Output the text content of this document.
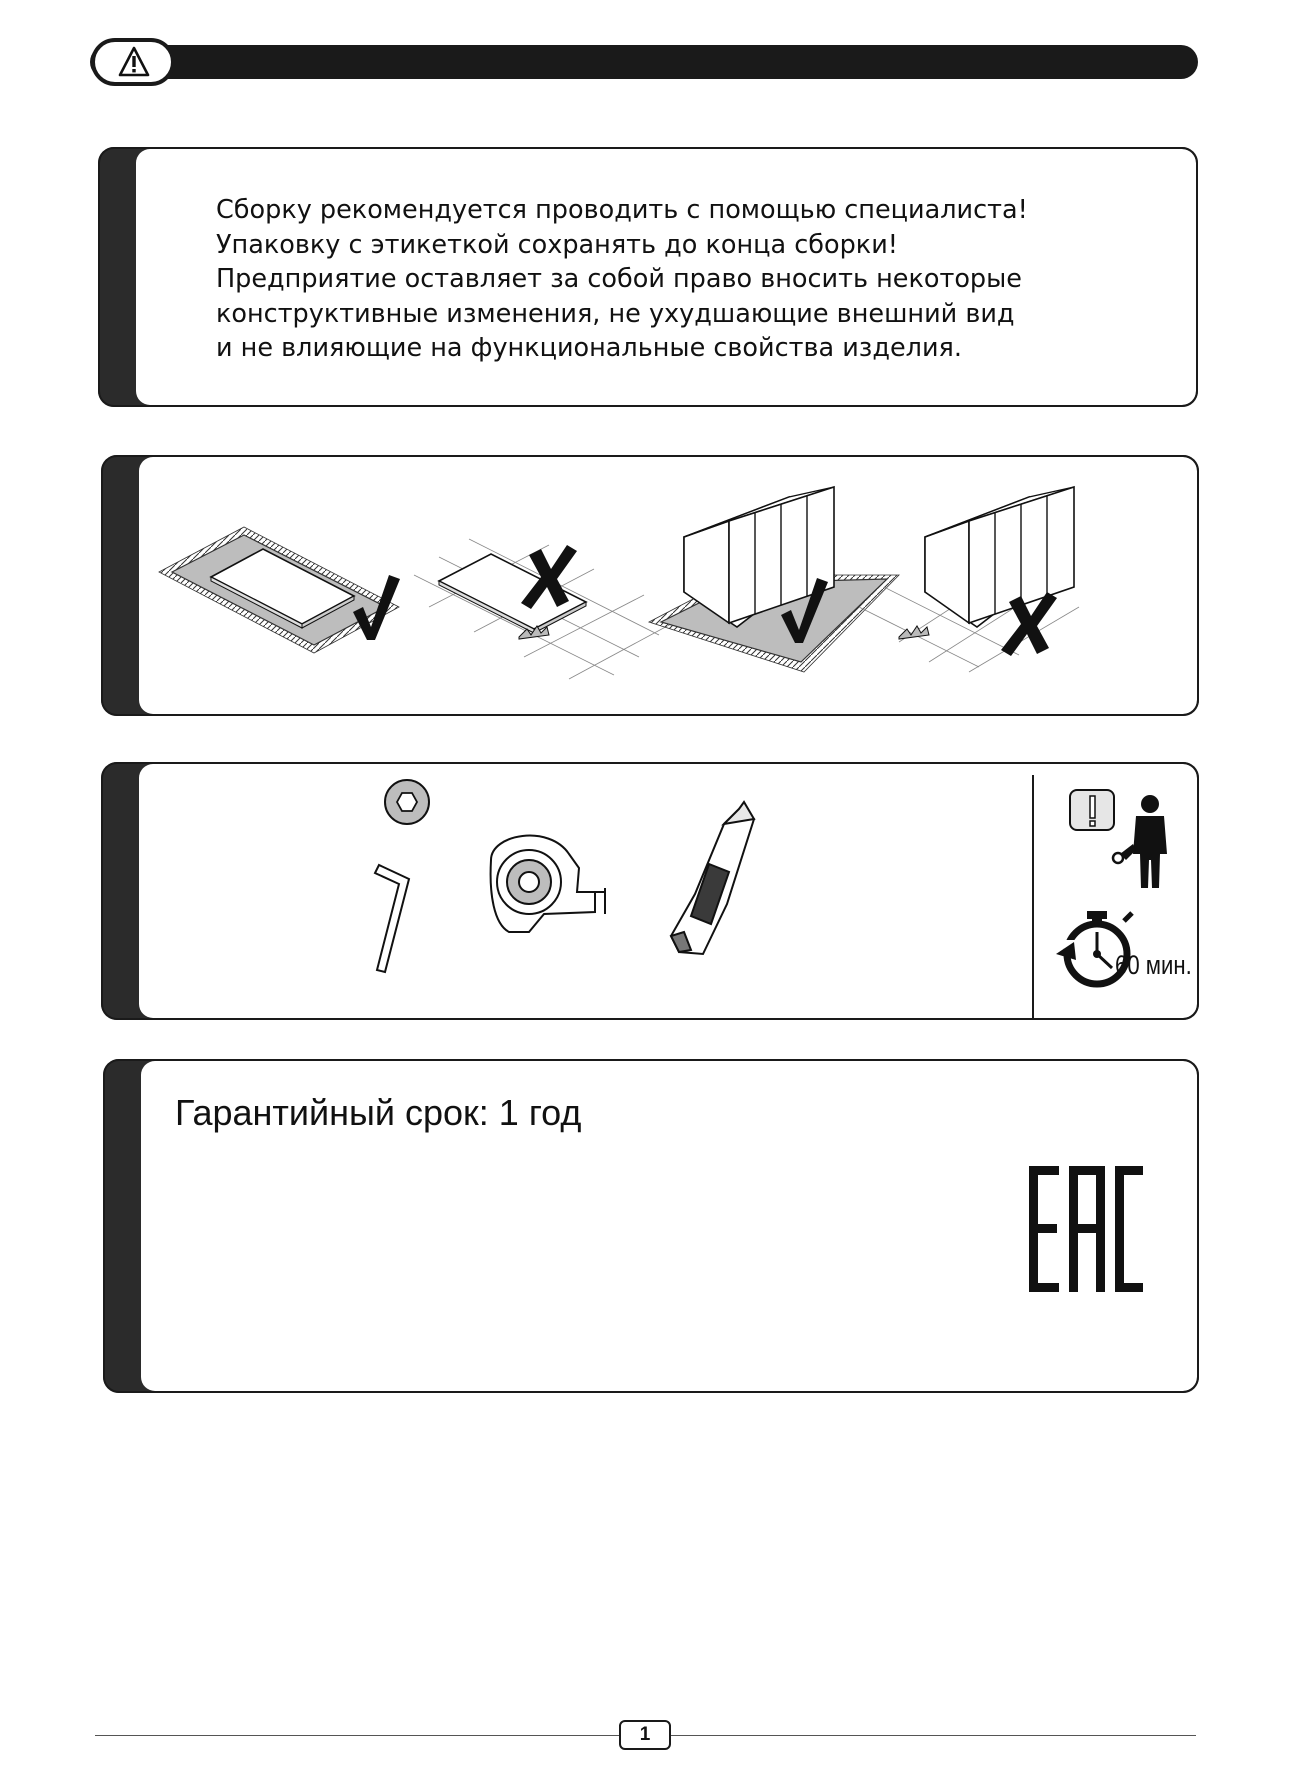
Сборку рекомендуется проводить с помощью специалиста!
Упаковку с этикеткой сохранять до конца сборки!
Предприятие оставляет за собой право вносить некоторые
конструктивные изменения, не ухудшающие внешний вид
и не влияющие на функциональные свойства изделия.

60 мин.
Гарантийный срок: 1 год
1
